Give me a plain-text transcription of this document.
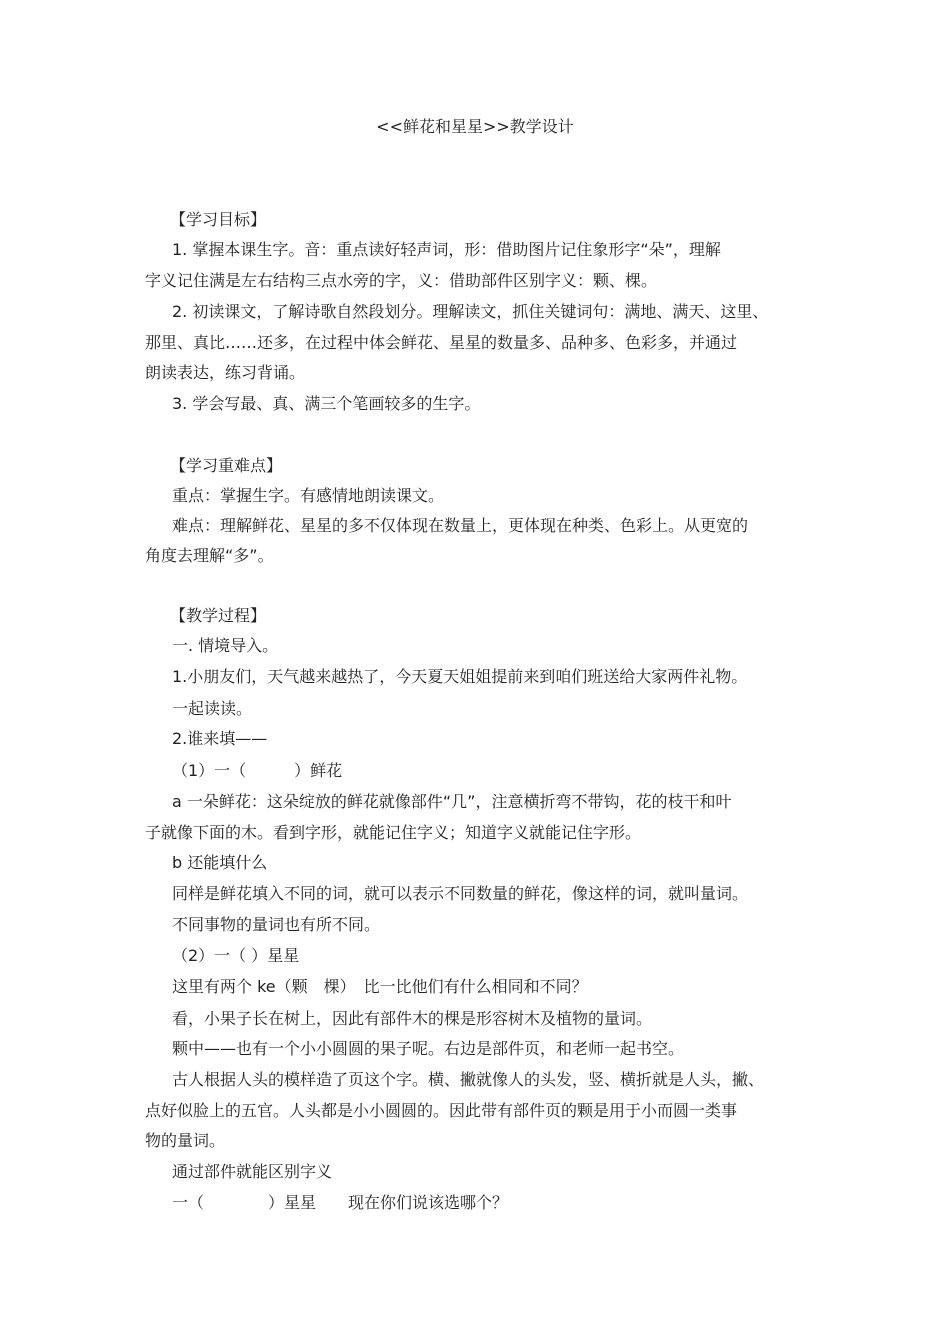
<<鲜花和星星>>教学设计
【学习目标】
1. 掌握本课生字。音：重点读好轻声词，形：借助图片记住象形字“朵”，理解
字义记住满是左右结构三点水旁的字，义：借助部件区别字义：颗、棵。
2. 初读课文，了解诗歌自然段划分。理解读文，抓住关键词句：满地、满天、这里、
那里、真比……还多，在过程中体会鲜花、星星的数量多、品种多、色彩多，并通过
朗读表达，练习背诵。
3. 学会写最、真、满三个笔画较多的生字。
【学习重难点】
重点：掌握生字。有感情地朗读课文。
难点：理解鲜花、星星的多不仅体现在数量上，更体现在种类、色彩上。从更宽的
角度去理解“多”。
【教学过程】
一. 情境导入。
1.小朋友们，天气越来越热了，今天夏天姐姐提前来到咱们班送给大家两件礼物。
一起读读。
2.谁来填——
（1）一（　　　）鲜花
a 一朵鲜花：这朵绽放的鲜花就像部件“几”，注意横折弯不带钩，花的枝干和叶
子就像下面的木。看到字形，就能记住字义；知道字义就能记住字形。
b 还能填什么
同样是鲜花填入不同的词，就可以表示不同数量的鲜花，像这样的词，就叫量词。
不同事物的量词也有所不同。
（2）一（ ）星星
这里有两个 ke（颗　棵）　比一比他们有什么相同和不同？
看，小果子长在树上，因此有部件木的棵是形容树木及植物的量词。
颗中——也有一个小小圆圆的果子呢。右边是部件页，和老师一起书空。
古人根据人头的模样造了页这个字。横、撇就像人的头发，竖、横折就是人头，撇、
点好似脸上的五官。人头都是小小圆圆的。因此带有部件页的颗是用于小而圆一类事
物的量词。
通过部件就能区别字义
一（　　　　）星星　　现在你们说该选哪个？
